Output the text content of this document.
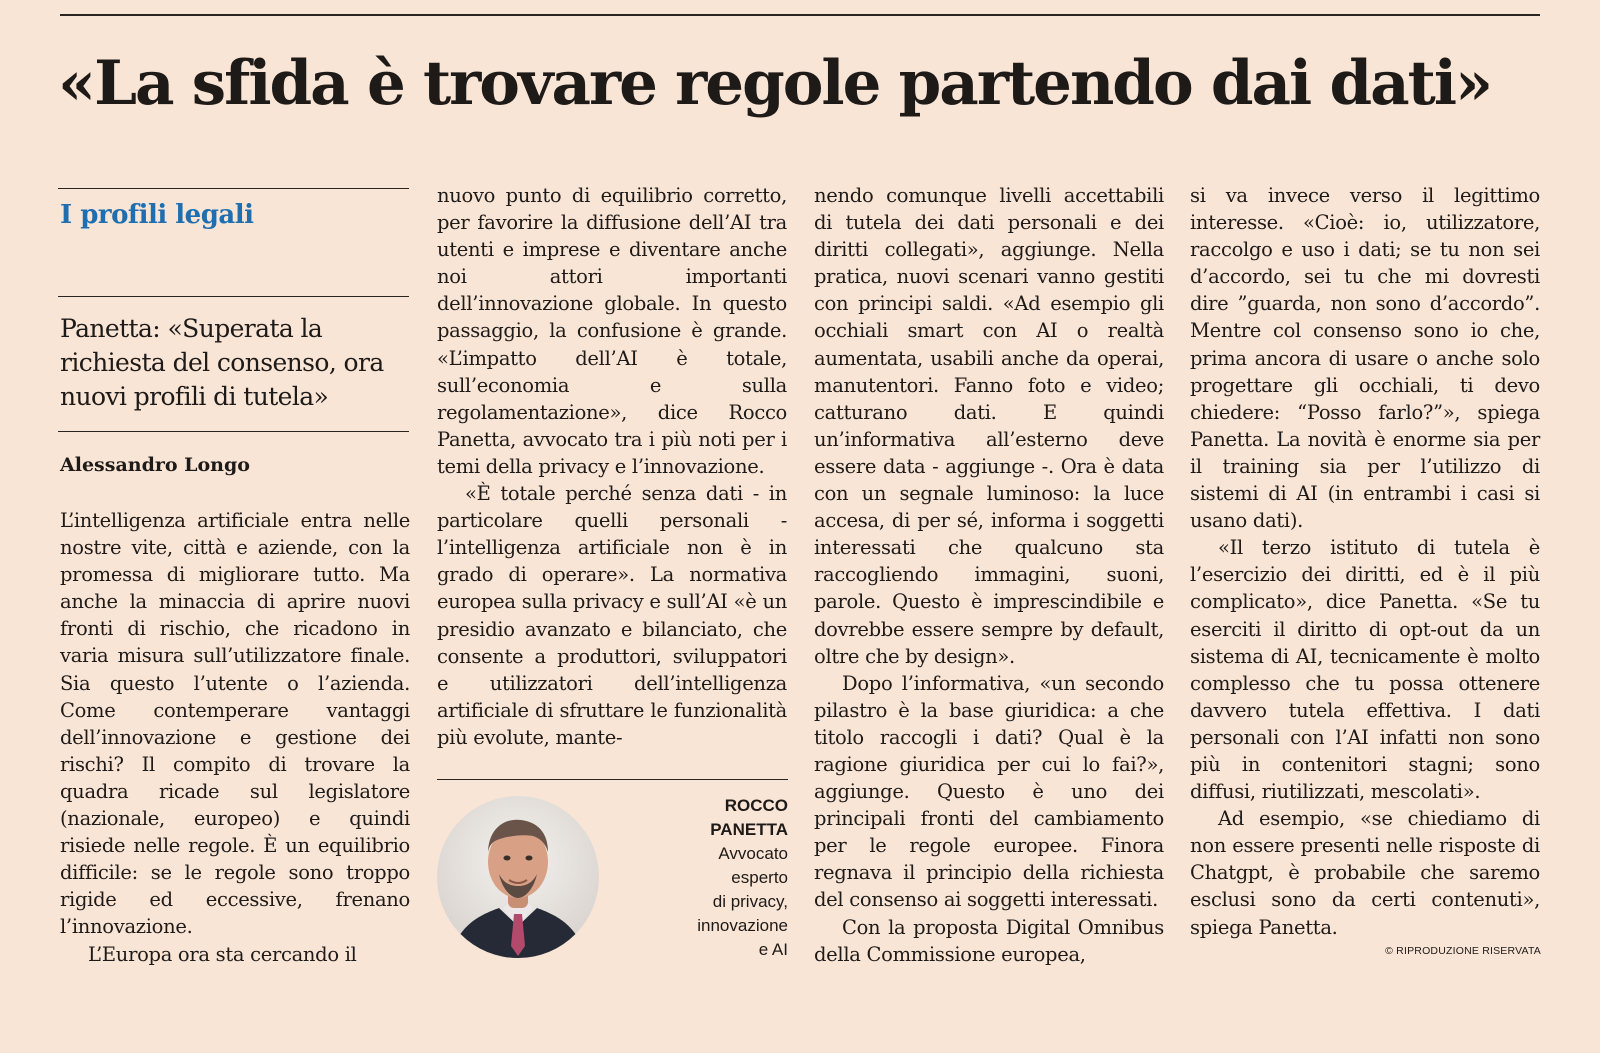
«La sfida è trovare regole partendo dai dati»
I profili legali
Panetta: «Superata la richiesta del consenso, ora nuovi profili di tutela»
Alessandro Longo

L’intelligenza artificiale entra nelle nostre vite, città e aziende, con la promessa di migliorare tutto. Ma anche la minaccia di aprire nuovi fronti di rischio, che ricadono in varia misura sull’utilizzatore finale. Sia questo l’utente o l’azienda. Come contemperare vantaggi dell’innovazione e gestione dei rischi? Il compito di trovare la quadra ricade sul legislatore (nazionale, europeo) e quindi risiede nelle regole. È un equilibrio difficile: se le regole sono troppo rigide ed eccessive, frenano l’innovazione.

L’Europa ora sta cercando il

nuovo punto di equilibrio corretto, per favorire la diffusione dell’AI tra utenti e imprese e diventare anche noi attori importanti dell’innovazione globale. In questo passaggio, la confusione è grande. «L’impatto dell’AI è totale, sull’economia e sulla regolamentazione», dice Rocco Panetta, avvocato tra i più noti per i temi della privacy e l’innovazione.

«È totale perché senza dati - in particolare quelli personali - l’intelligenza artificiale non è in grado di operare». La normativa europea sulla privacy e sull’AI «è un presidio avanzato e bilanciato, che consente a produttori, sviluppatori e utilizzatori dell’intelligenza artificiale di sfruttare le funzionalità più evolute, mante-

ROCCO
PANETTA
Avvocato
esperto
di privacy,
innovazione
e AI

nendo comunque livelli accettabili di tutela dei dati personali e dei diritti collegati», aggiunge. Nella pratica, nuovi scenari vanno gestiti con principi saldi. «Ad esempio gli occhiali smart con AI o realtà aumentata, usabili anche da operai, manutentori. Fanno foto e video; catturano dati. E quindi un’informativa all’esterno deve essere data - aggiunge -. Ora è data con un segnale luminoso: la luce accesa, di per sé, informa i soggetti interessati che qualcuno sta raccogliendo immagini, suoni, parole. Questo è imprescindibile e dovrebbe essere sempre by default, oltre che by design».

Dopo l’informativa, «un secondo pilastro è la base giuridica: a che titolo raccogli i dati? Qual è la ragione giuridica per cui lo fai?», aggiunge. Questo è uno dei principali fronti del cambiamento per le regole europee. Finora regnava il principio della richiesta del consenso ai soggetti interessati.

Con la proposta Digital Omnibus della Commissione europea,

si va invece verso il legittimo interesse. «Cioè: io, utilizzatore, raccolgo e uso i dati; se tu non sei d’accordo, sei tu che mi dovresti dire ”guarda, non sono d’accordo”. Mentre col consenso sono io che, prima ancora di usare o anche solo progettare gli occhiali, ti devo chiedere: “Posso farlo?”», spiega Panetta. La novità è enorme sia per il training sia per l’utilizzo di sistemi di AI (in entrambi i casi si usano dati).

«Il terzo istituto di tutela è l’esercizio dei diritti, ed è il più complicato», dice Panetta. «Se tu eserciti il diritto di opt-out da un sistema di AI, tecnicamente è molto complesso che tu possa ottenere davvero tutela effettiva. I dati personali con l’AI infatti non sono più in contenitori stagni; sono diffusi, riutilizzati, mescolati».

Ad esempio, «se chiediamo di non essere presenti nelle risposte di Chatgpt, è probabile che saremo esclusi sono da certi contenuti», spiega Panetta.

© RIPRODUZIONE RISERVATA
